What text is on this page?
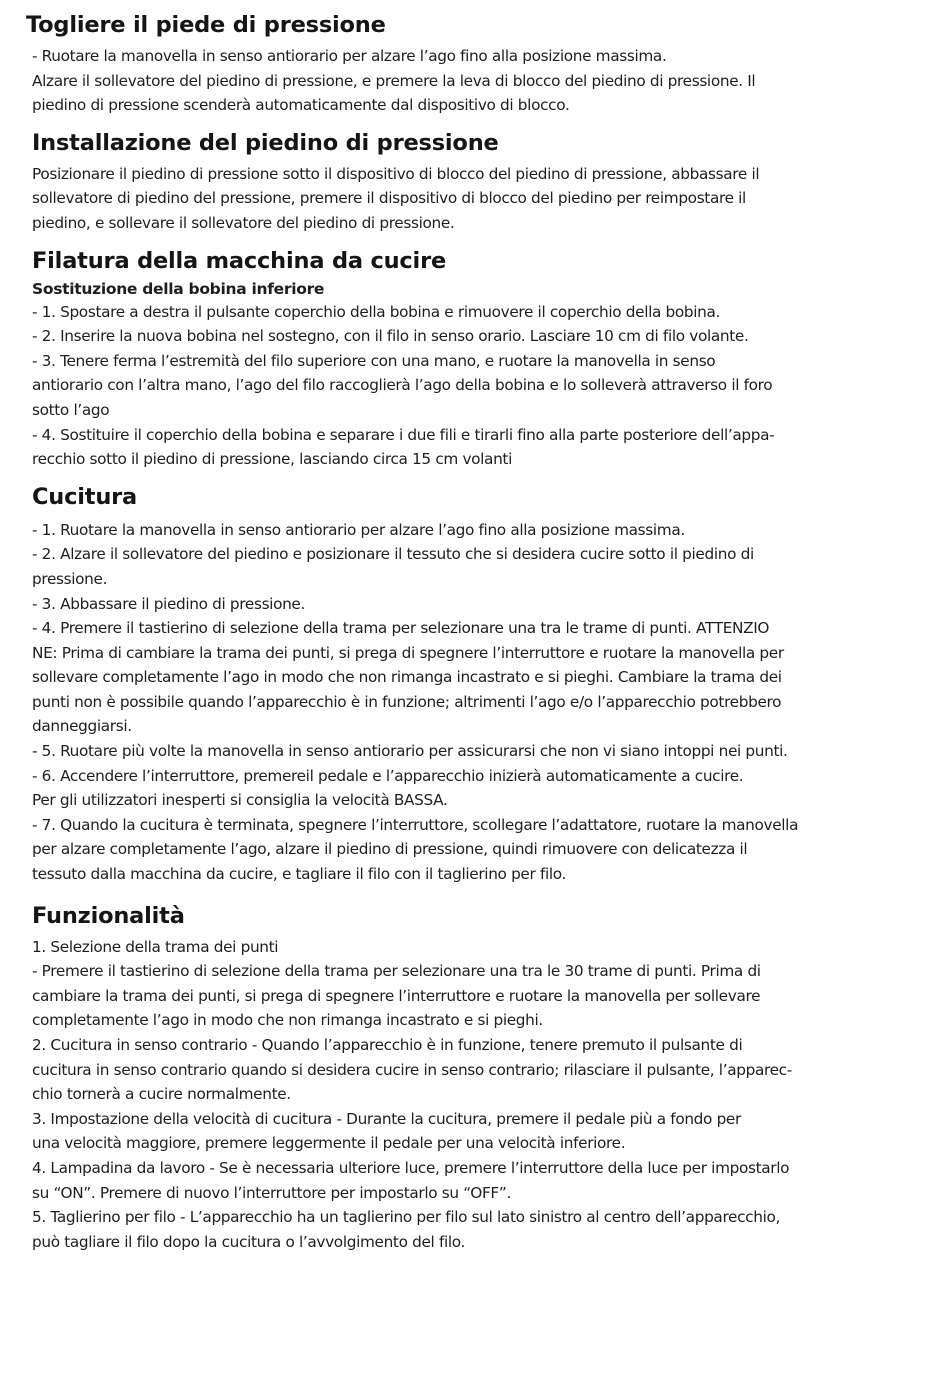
Togliere il piede di pressione

- Ruotare la manovella in senso antiorario per alzare l’ago fino alla posizione massima.
Alzare il sollevatore del piedino di pressione, e premere la leva di blocco del piedino di pressione. Il
piedino di pressione scenderà automaticamente dal dispositivo di blocco.

Installazione del piedino di pressione

Posizionare il piedino di pressione sotto il dispositivo di blocco del piedino di pressione, abbassare il
sollevatore di piedino del pressione, premere il dispositivo di blocco del piedino per reimpostare il
piedino, e sollevare il sollevatore del piedino di pressione.

Filatura della macchina da cucire
Sostituzione della bobina inferiore

- 1. Spostare a destra il pulsante coperchio della bobina e rimuovere il coperchio della bobina.
- 2. Inserire la nuova bobina nel sostegno, con il filo in senso orario. Lasciare 10 cm di filo volante.
- 3. Tenere ferma l’estremità del filo superiore con una mano, e ruotare la manovella in senso
antiorario con l’altra mano, l’ago del filo raccoglierà l’ago della bobina e lo solleverà attraverso il foro
sotto l’ago
- 4. Sostituire il coperchio della bobina e separare i due fili e tirarli fino alla parte posteriore dell’appa-
recchio sotto il piedino di pressione, lasciando circa 15 cm volanti

Cucitura

- 1. Ruotare la manovella in senso antiorario per alzare l’ago fino alla posizione massima.
- 2. Alzare il sollevatore del piedino e posizionare il tessuto che si desidera cucire sotto il piedino di
pressione.
- 3. Abbassare il piedino di pressione.
- 4. Premere il tastierino di selezione della trama per selezionare una tra le trame di punti. ATTENZIO
NE: Prima di cambiare la trama dei punti, si prega di spegnere l’interruttore e ruotare la manovella per
sollevare completamente l’ago in modo che non rimanga incastrato e si pieghi. Cambiare la trama dei
punti non è possibile quando l’apparecchio è in funzione; altrimenti l’ago e/o l’apparecchio potrebbero
danneggiarsi.
- 5. Ruotare più volte la manovella in senso antiorario per assicurarsi che non vi siano intoppi nei punti.
- 6. Accendere l’interruttore, premereil pedale e l’apparecchio inizierà automaticamente a cucire.
Per gli utilizzatori inesperti si consiglia la velocità BASSA.
- 7. Quando la cucitura è terminata, spegnere l’interruttore, scollegare l’adattatore, ruotare la manovella
per alzare completamente l’ago, alzare il piedino di pressione, quindi rimuovere con delicatezza il
tessuto dalla macchina da cucire, e tagliare il filo con il taglierino per filo.

Funzionalità

1. Selezione della trama dei punti
- Premere il tastierino di selezione della trama per selezionare una tra le 30 trame di punti. Prima di
cambiare la trama dei punti, si prega di spegnere l’interruttore e ruotare la manovella per sollevare
completamente l’ago in modo che non rimanga incastrato e si pieghi.
2. Cucitura in senso contrario - Quando l’apparecchio è in funzione, tenere premuto il pulsante di
cucitura in senso contrario quando si desidera cucire in senso contrario; rilasciare il pulsante, l’apparec-
chio tornerà a cucire normalmente.
3. Impostazione della velocità di cucitura - Durante la cucitura, premere il pedale più a fondo per
una velocità maggiore, premere leggermente il pedale per una velocità inferiore.
4. Lampadina da lavoro - Se è necessaria ulteriore luce, premere l’interruttore della luce per impostarlo
su “ON”. Premere di nuovo l’interruttore per impostarlo su “OFF”.
5. Taglierino per filo - L’apparecchio ha un taglierino per filo sul lato sinistro al centro dell’apparecchio,
può tagliare il filo dopo la cucitura o l’avvolgimento del filo.
